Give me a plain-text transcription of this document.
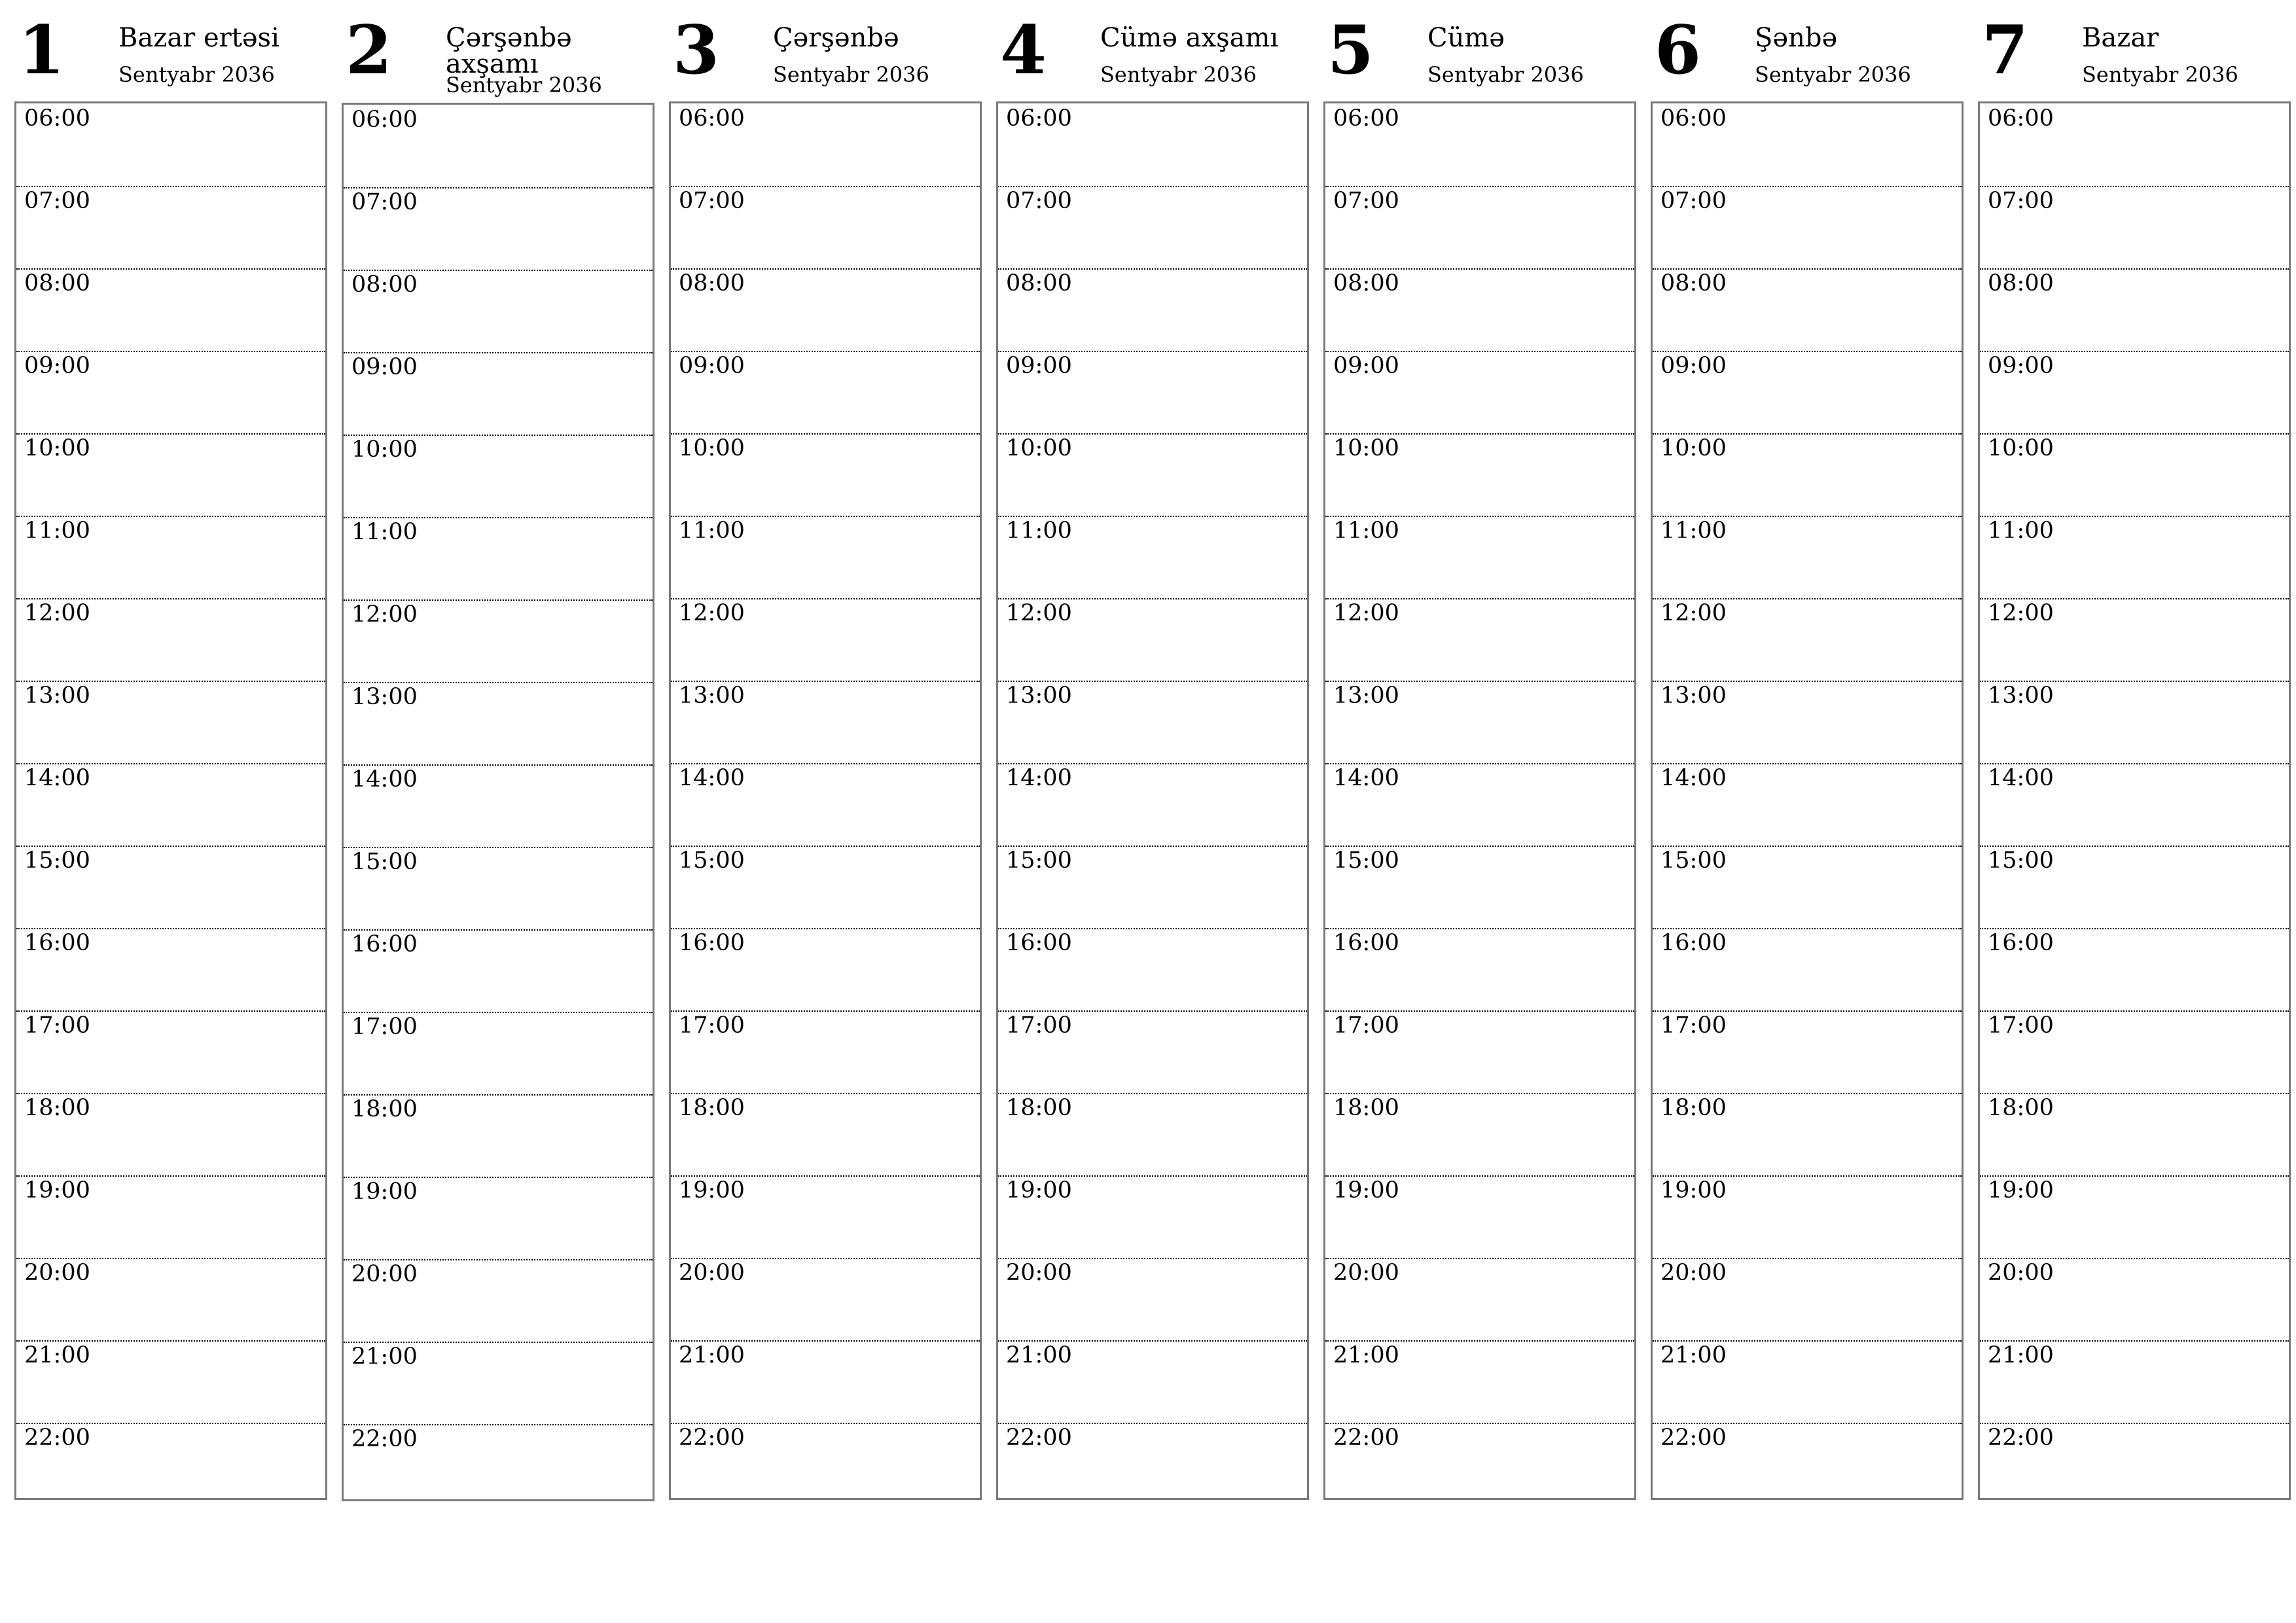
1 Bazar ertəsi
Sentyabr 2036
06:00
07:00
08:00
09:00
10:00
11:00
12:00
13:00
14:00
15:00
16:00
17:00
18:00
19:00
20:00
21:00
22:00
2 Çərşənbə axşamı
Sentyabr 2036
06:00
07:00
08:00
09:00
10:00
11:00
12:00
13:00
14:00
15:00
16:00
17:00
18:00
19:00
20:00
21:00
22:00
3 Çərşənbə
Sentyabr 2036
06:00
07:00
08:00
09:00
10:00
11:00
12:00
13:00
14:00
15:00
16:00
17:00
18:00
19:00
20:00
21:00
22:00
4 Cümə axşamı
Sentyabr 2036
06:00
07:00
08:00
09:00
10:00
11:00
12:00
13:00
14:00
15:00
16:00
17:00
18:00
19:00
20:00
21:00
22:00
5 Cümə
Sentyabr 2036
06:00
07:00
08:00
09:00
10:00
11:00
12:00
13:00
14:00
15:00
16:00
17:00
18:00
19:00
20:00
21:00
22:00
6 Şənbə
Sentyabr 2036
06:00
07:00
08:00
09:00
10:00
11:00
12:00
13:00
14:00
15:00
16:00
17:00
18:00
19:00
20:00
21:00
22:00
7 Bazar
Sentyabr 2036
06:00
07:00
08:00
09:00
10:00
11:00
12:00
13:00
14:00
15:00
16:00
17:00
18:00
19:00
20:00
21:00
22:00
